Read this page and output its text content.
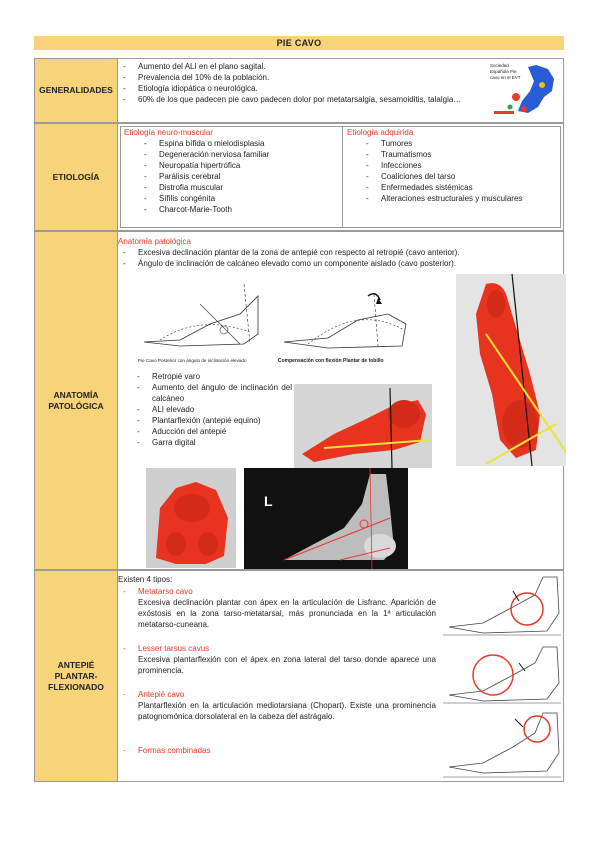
PIE CAVO
GENERALIDADES
- Aumento del ALI en el plano sagital.
- Prevalencia del 10% de la población.
- Etiología idiopática o neurológica.
- 60% de los que padecen pie cavo padecen dolor por metatarsalgia, sesamoiditis, talalgia…
Sociedad Española Pie cavo en el EVT
ETIOLOGÍA
Etiología neuro-muscular
- Espina bífida o mielodisplasia
- Degeneración nerviosa familiar
- Neuropatía hipertrófica
- Parálisis cerebral
- Distrofia muscular
- Sífilis congénita
- Charcot-Marie-Tooth
Etiología adquirida
- Tumores
- Traumatismos
- Infecciones
- Coaliciones del tarso
- Enfermedades sistémicas
- Alteraciones estructurales y musculares
ANATOMÍA PATOLÓGICA
Anatomía patológica
- Excesiva declinación plantar de la zona de antepié con respecto al retropié (cavo anterior).
- Ángulo de inclinación de calcáneo elevado como un componente aislado (cavo posterior).
Pie Cavo Posterior con ángulo de inclinación elevado	Compensación con flexión Plantar de tobillo
- Retropié varo
- Aumento del ángulo de inclinación del calcáneo
- ALI elevado
- Plantarflexión (antepié equino)
- Aducción del antepié
- Garra digital
L
ANTEPIÉ PLANTAR-FLEXIONADO
Existen 4 tipos:
- Metatarso cavo
Excesiva declinación plantar con ápex en la articulación de Lisfranc. Aparición de exóstosis en la zona tarso-metatarsal, más pronunciada en la 1ª articulación metatarso-cuneana.
- Lesser tarsus cavus
Excesiva plantarflexión con el ápex en zona lateral del tarso donde aparece una prominencia.
- Antepié cavo
Plantarflexión en la articulación mediotarsiana (Chopart). Existe una prominencia patognomónica dorsolateral en la cabeza del astrágalo.
- Formas combinadas
